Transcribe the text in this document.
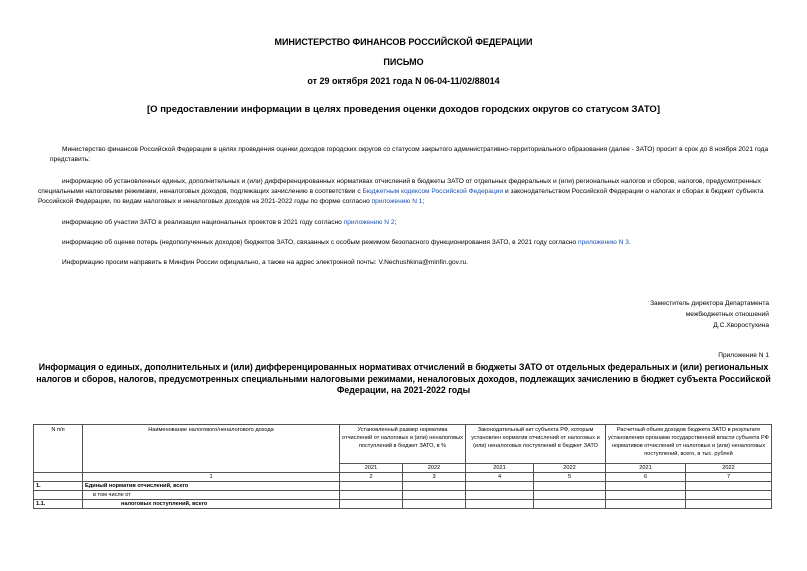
МИНИСТЕРСТВО ФИНАНСОВ РОССИЙСКОЙ ФЕДЕРАЦИИ
ПИСЬМО
от 29 октября 2021 года N 06-04-11/02/88014
[О предоставлении информации в целях проведения оценки доходов городских округов со статусом ЗАТО]
Министерство финансов Российской Федерации в целях проведения оценки доходов городских округов со статусом закрытого административно-территориального образования (далее - ЗАТО) просит в срок до 8 ноября 2021 года представить:
информацию об установленных единых, дополнительных и (или) дифференцированных нормативах отчислений в бюджеты ЗАТО от отдельных федеральных и (или) региональных налогов и сборов, налогов, предусмотренных специальными налоговыми режимами, неналоговых доходов, подлежащих зачислению в соответствии с Бюджетным кодексом Российской Федерации и законодательством Российской Федерации о налогах и сборах в бюджет субъекта Российской Федерации, по видам налоговых и неналоговых доходов на 2021-2022 годы по форме согласно приложению N 1;
информацию об участии ЗАТО в реализации национальных проектов в 2021 году согласно приложению N 2;
информацию об оценке потерь (недополученных доходов) бюджетов ЗАТО, связанных с особым режимом безопасного функционирования ЗАТО, в 2021 году согласно приложению N 3.
Информацию просим направить в Минфин России официально, а также на адрес электронной почты: V.Nechushkina@minfin.gov.ru.
Заместитель директора Департамента
межбюджетных отношений
Д.С.Хворостухина
Приложение N 1
Информация о единых, дополнительных и (или) дифференцированных нормативах отчислений в бюджеты ЗАТО от отдельных федеральных и (или) региональных налогов и сборов, налогов, предусмотренных специальными налоговыми режимами, неналоговых доходов, подлежащих зачислению в бюджет субъекта Российской Федерации, на 2021-2022 годы
N п/п	Наименование налогового/неналогового дохода	Установленный размер норматива отчислений от налоговых и (или) неналоговых поступлений в бюджет ЗАТО, в %		Законодательный акт субъекта РФ, которым установлен норматив отчислений от налоговых и (или) неналоговых поступлений в бюджет ЗАТО		Расчетный объем доходов бюджета ЗАТО в результате установления органами государственной власти субъекта РФ нормативов отчислений от налоговых и (или) неналоговых поступлений, всего, в тыс. рублей	
		2021	2022	2021	2022	2021	2022
	1	2	3	4	5	6	7
1.	Единый норматив отчислений, всего						
	в том числе от						
1.1.	налоговых поступлений, всего						
